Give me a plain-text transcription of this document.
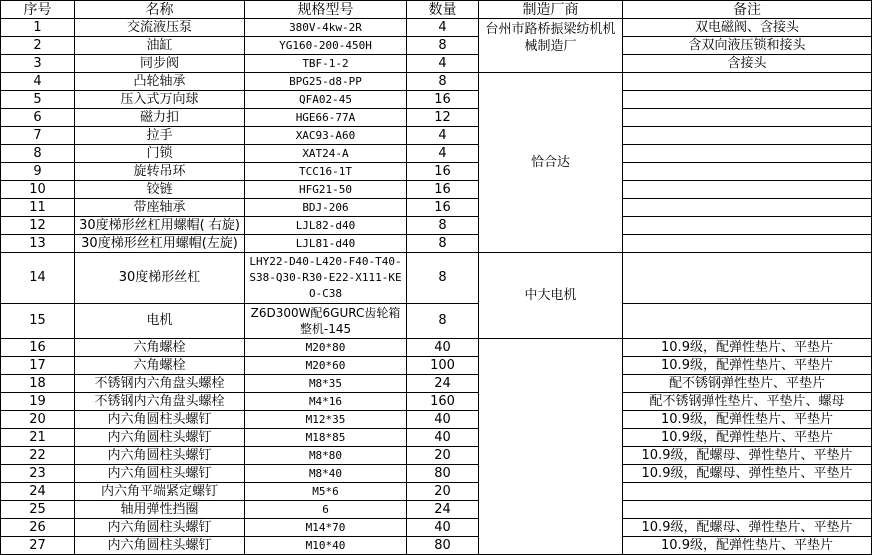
序号	名称	规格型号	数量	制造厂商	备注
1	交流液压泵	380V-4kw-2R	4	台州市路桥振梁纺机机械制造厂	双电磁阀、含接头
2	油缸	YG160-200-450H	8		含双向液压锁和接头
3	同步阀	TBF-1-2	4		含接头
4	凸轮轴承	BPG25-d8-PP	8	恰合达	
5	压入式万向球	QFA02-45	16		
6	磁力扣	HGE66-77A	12		
7	拉手	XAC93-A60	4		
8	门锁	XAT24-A	4		
9	旋转吊环	TCC16-1T	16		
10	铰链	HFG21-50	16		
11	带座轴承	BDJ-206	16		
12	30度梯形丝杠用螺帽( 右旋)	LJL82-d40	8		
13	30度梯形丝杠用螺帽(左旋)	LJL81-d40	8		
14	30度梯形丝杠	LHY22-D40-L420-F40-T40-S38-Q30-R30-E22-X111-KEO-C38	8	中大电机	
15	电机	Z6D300W配6GURC齿轮箱整机-145	8		
16	六角螺栓	M20*80	40		10.9级，配弹性垫片、平垫片
17	六角螺栓	M20*60	100		10.9级，配弹性垫片、平垫片
18	不锈钢内六角盘头螺栓	M8*35	24		配不锈钢弹性垫片、平垫片
19	不锈钢内六角盘头螺栓	M4*16	160		配不锈钢弹性垫片、平垫片、螺母
20	内六角圆柱头螺钉	M12*35	40		10.9级，配弹性垫片、平垫片
21	内六角圆柱头螺钉	M18*85	40		10.9级，配弹性垫片、平垫片
22	内六角圆柱头螺钉	M8*80	20		10.9级，配螺母、弹性垫片、平垫片
23	内六角圆柱头螺钉	M8*40	80		10.9级，配螺母、弹性垫片、平垫片
24	内六角平端紧定螺钉	M5*6	20		
25	轴用弹性挡圈	6	24		
26	内六角圆柱头螺钉	M14*70	40		10.9级，配螺母、弹性垫片、平垫片
27	内六角圆柱头螺钉	M10*40	80		10.9级，配弹性垫片、平垫片
